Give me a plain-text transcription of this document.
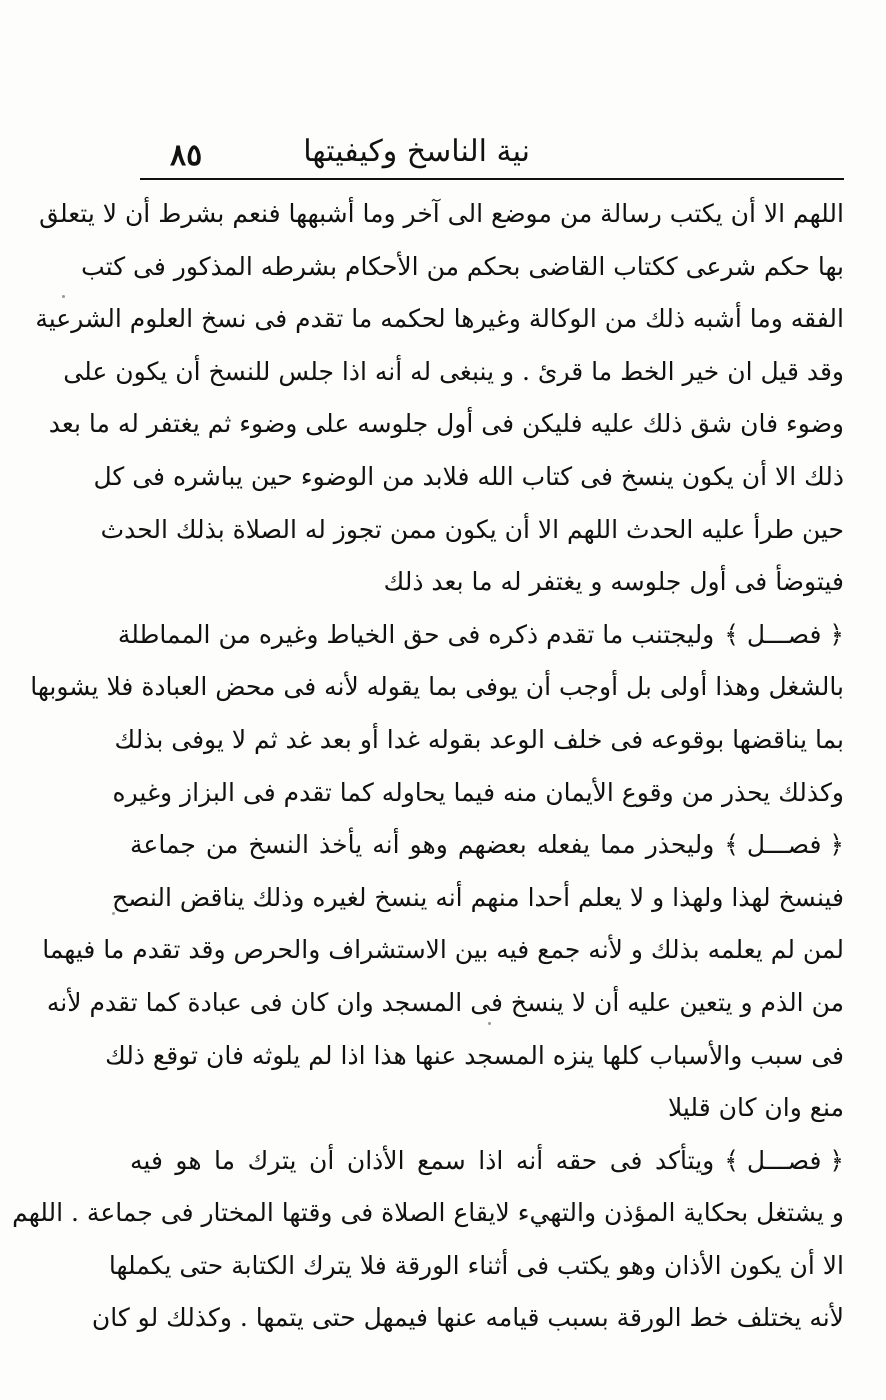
٨٥	نية الناسخ وكيفيتها
اللهم الا أن يكتب رسالة من موضع الى آخر وما أشبهها فنعم بشرط أن لا يتعلق
بها حكم شرعى ككتاب القاضى بحكم من الأحكام بشرطه المذكور فى كتب
الفقه وما أشبه ذلك من الوكالة وغيرها لحكمه ما تقدم فى نسخ العلوم الشرعية
وقد قيل ان خير الخط ما قرئ . و ينبغى له أنه اذا جلس للنسخ أن يكون على
وضوء فان شق ذلك عليه فليكن فى أول جلوسه على وضوء ثم يغتفر له ما بعد
ذلك الا أن يكون ينسخ فى كتاب الله فلابد من الوضوء حين يباشره فى كل
حين طرأ عليه الحدث اللهم الا أن يكون ممن تجوز له الصلاة بذلك الحدث
فيتوضأ فى أول جلوسه و يغتفر له ما بعد ذلك
﴿ فصـــل ﴾وليجتنب ما تقدم ذكره فى حق الخياط وغيره من المماطلة
بالشغل وهذا أولى بل أوجب أن يوفى بما يقوله لأنه فى محض العبادة فلا يشوبها
بما يناقضها بوقوعه فى خلف الوعد بقوله غدا أو بعد غد ثم لا يوفى بذلك
وكذلك يحذر من وقوع الأيمان منه فيما يحاوله كما تقدم فى البزاز وغيره
﴿ فصـــل ﴾وليحذر مما يفعله بعضهم وهو أنه يأخذ النسخ من جماعة
فينسخ لهذا ولهذا و لا يعلم أحدا منهم أنه ينسخ لغيره وذلك يناقض النصح
لمن لم يعلمه بذلك و لأنه جمع فيه بين الاستشراف والحرص وقد تقدم ما فيهما
من الذم و يتعين عليه أن لا ينسخ فى المسجد وان كان فى عبادة كما تقدم لأنه
فى سبب والأسباب كلها ينزه المسجد عنها هذا اذا لم يلوثه فان توقع ذلك
منع وان كان قليلا
﴿ فصـــل ﴾ويتأكد فى حقه أنه اذا سمع الأذان أن يترك ما هو فيه
و يشتغل بحكاية المؤذن والتهيء لايقاع الصلاة فى وقتها المختار فى جماعة . اللهم
الا أن يكون الأذان وهو يكتب فى أثناء الورقة فلا يترك الكتابة حتى يكملها
لأنه يختلف خط الورقة بسبب قيامه عنها فيمهل حتى يتمها . وكذلك لو كان
